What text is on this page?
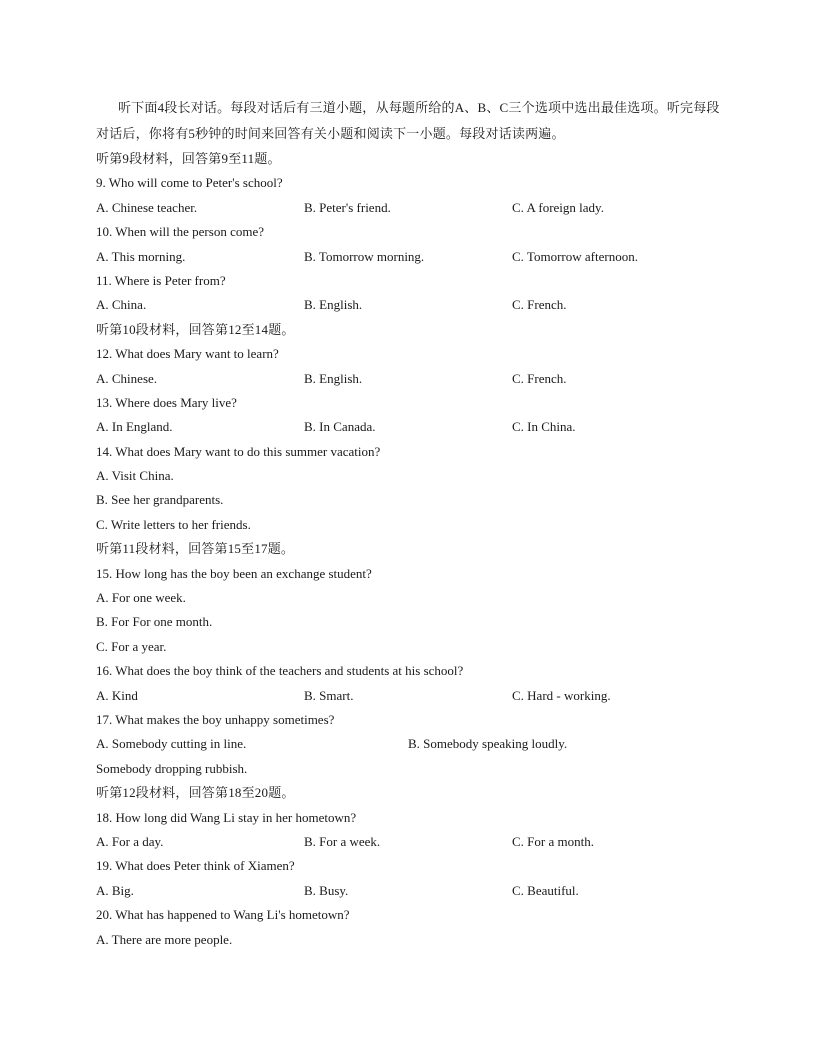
听下面4段长对话。每段对话后有三道小题，从每题所给的A、B、C三个选项中选出最佳选项。听完每段对话后，你将有5秒钟的时间来回答有关小题和阅读下一小题。每段对话读两遍。

听第9段材料，回答第9至11题。
9. Who will come to Peter's school?
A. Chinese teacher.	B. Peter's friend.	C. A foreign lady.
10. When will the person come?
A. This morning.	B. Tomorrow morning.	C. Tomorrow afternoon.
11. Where is Peter from?
A. China.	B. English.	C. French.
听第10段材料，回答第12至14题。
12. What does Mary want to learn?
A. Chinese.	B. English.	C. French.
13. Where does Mary live?
A. In England.	B. In Canada.	C. In China.
14. What does Mary want to do this summer vacation?
A. Visit China.
B. See her grandparents.
C. Write letters to her friends.
听第11段材料，回答第15至17题。
15. How long has the boy been an exchange student?
A. For one week.
B. For For one month.
C. For a year.
16. What does the boy think of the teachers and students at his school?
A. Kind	B. Smart.	C. Hard - working.
17. What makes the boy unhappy sometimes?
A. Somebody cutting in line.	B. Somebody speaking loudly.
Somebody dropping rubbish.
听第12段材料，回答第18至20题。
18. How long did Wang Li stay in her hometown?
A. For a day.	B. For a week.	C. For a month.
19. What does Peter think of Xiamen?
A. Big.	B. Busy.	C. Beautiful.
20. What has happened to Wang Li's hometown?
A. There are more people.
